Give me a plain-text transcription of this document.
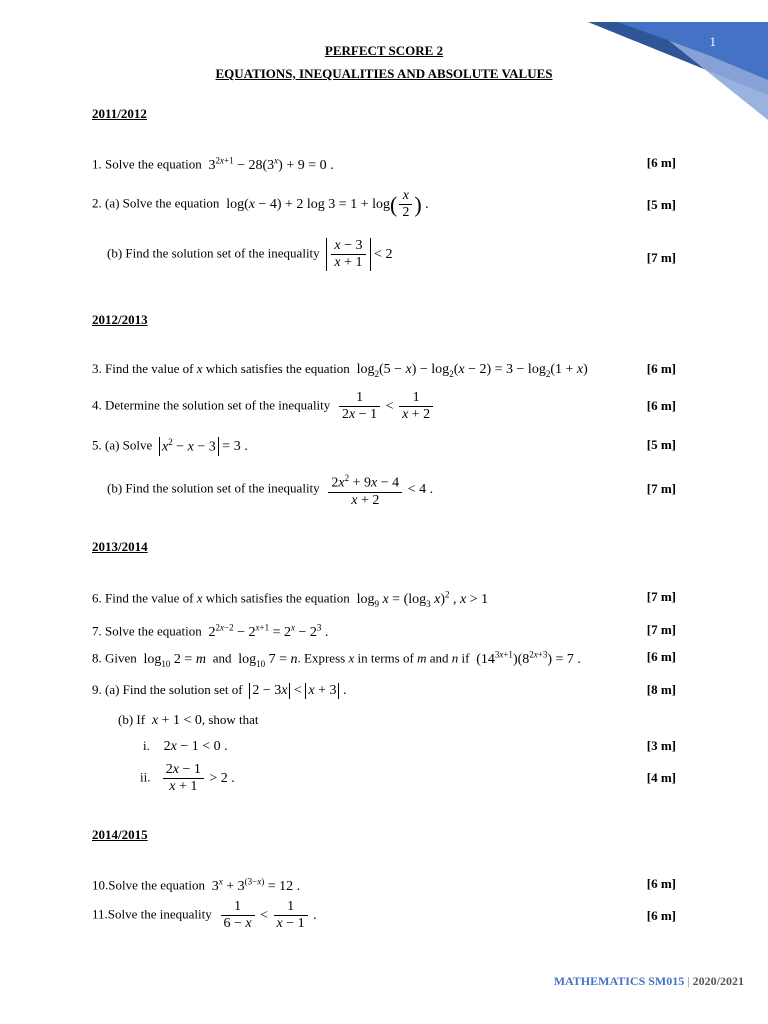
1
PERFECT SCORE 2
EQUATIONS, INEQUALITIES AND ABSOLUTE VALUES
2011/2012
1. Solve the equation  $3^{2x+1} - 28(3^x) + 9 = 0$ .	[6 m]
2. (a) Solve the equation  log(x − 4) + 2 $\log 3 = 1 + \log( \frac{x}{2}$ ) .	[5 m]
(b) Find the solution set of the inequality $\frac{x - 3}{x + 1} < 2$	[7 m]
2012/2013
3. Find the value of x which satisfies the equation  $\log_2(5 - x) - \log_2(x - 2) = 3 - \log_2(1 + x)$	[6 m]
4. Determine the solution set of the inequality $\frac{1}{2x - 1} < \frac{1}{x + 2}$	[6 m]
5. (a) Solve $x^2 - x - 3 = 3$ .	[5 m]
(b) Find the solution set of the inequality $\frac{2x^2 + 9x - 4}{x + 2} < 4$ .	[7 m]
2013/2014
6. Find the value of x which satisfies the equation  $\log_9 x = (\log_3$ x)$^2$ , x > 1	[7 m]
7. Solve the equation  $2^{2x-2} - 2^{x+1} = 2^x - 2^3$ .	[7 m]
8. Given  $\log_{10} 2 = m$ and  $\log_{10} 7 = n$. Express x in terms of m and n if  $(14^{3x+1})(8^{2x+3}) = 7$ .	[6 m]
9. (a) Find the solution set of 2 − 3x < x + 3 .	[8 m]
(b) If x + 1 < 0, show that
i.    2x − 1 < 0 .	[3 m]
ii. $\frac{2x - 1}{x + 1} > 2$ .	[4 m]
2014/2015
10.Solve the equation  $3^x + 3^{(3-x)} = 12$ .	[6 m]
11.Solve the inequality $\frac{1}{6 - x} < \frac{1}{x - 1}$ .	[6 m]
MATHEMATICS SM015 | 2020/2021
